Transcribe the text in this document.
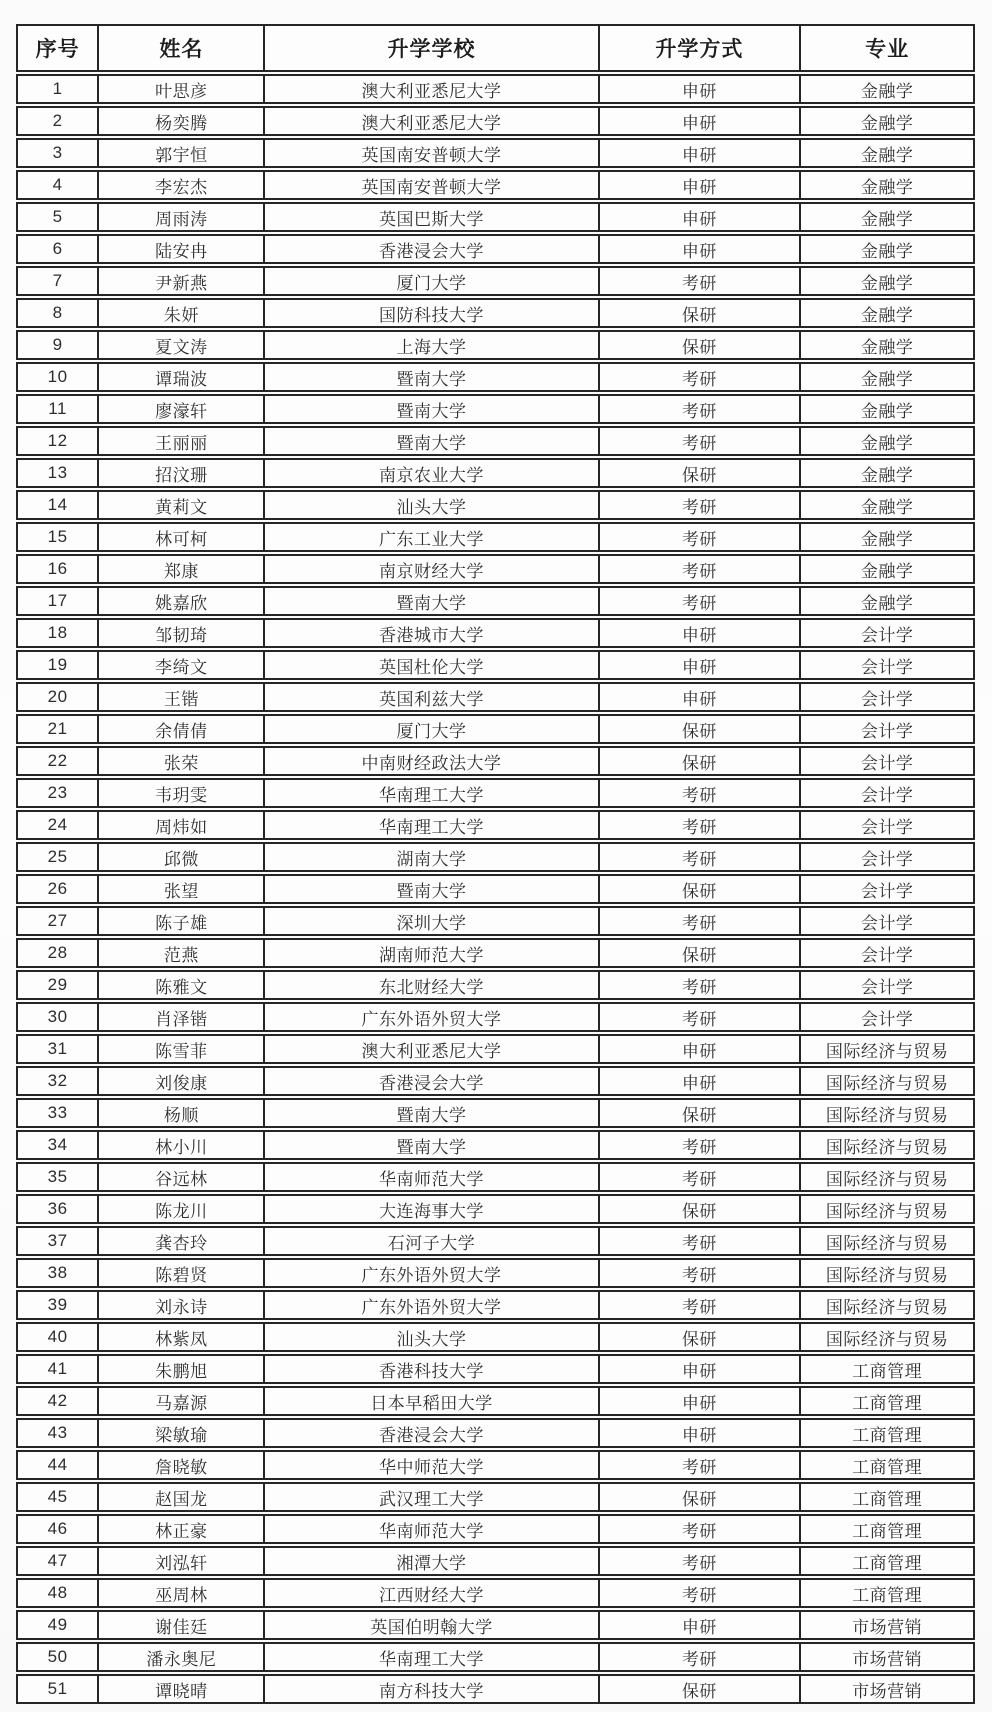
序号	姓名	升学学校	升学方式	专业
1	叶思彦	澳大利亚悉尼大学	申研	金融学
2	杨奕腾	澳大利亚悉尼大学	申研	金融学
3	郭宇恒	英国南安普顿大学	申研	金融学
4	李宏杰	英国南安普顿大学	申研	金融学
5	周雨涛	英国巴斯大学	申研	金融学
6	陆安冉	香港浸会大学	申研	金融学
7	尹新燕	厦门大学	考研	金融学
8	朱妍	国防科技大学	保研	金融学
9	夏文涛	上海大学	保研	金融学
10	谭瑞波	暨南大学	考研	金融学
11	廖濠轩	暨南大学	考研	金融学
12	王丽丽	暨南大学	考研	金融学
13	招汶珊	南京农业大学	保研	金融学
14	黄莉文	汕头大学	考研	金融学
15	林可柯	广东工业大学	考研	金融学
16	郑康	南京财经大学	考研	金融学
17	姚嘉欣	暨南大学	考研	金融学
18	邹韧琦	香港城市大学	申研	会计学
19	李绮文	英国杜伦大学	申研	会计学
20	王锴	英国利兹大学	申研	会计学
21	余倩倩	厦门大学	保研	会计学
22	张荣	中南财经政法大学	保研	会计学
23	韦玥雯	华南理工大学	考研	会计学
24	周炜如	华南理工大学	考研	会计学
25	邱微	湖南大学	考研	会计学
26	张望	暨南大学	保研	会计学
27	陈子雄	深圳大学	考研	会计学
28	范燕	湖南师范大学	保研	会计学
29	陈雅文	东北财经大学	考研	会计学
30	肖泽锴	广东外语外贸大学	考研	会计学
31	陈雪菲	澳大利亚悉尼大学	申研	国际经济与贸易
32	刘俊康	香港浸会大学	申研	国际经济与贸易
33	杨顺	暨南大学	保研	国际经济与贸易
34	林小川	暨南大学	考研	国际经济与贸易
35	谷远林	华南师范大学	考研	国际经济与贸易
36	陈龙川	大连海事大学	保研	国际经济与贸易
37	龚杏玲	石河子大学	考研	国际经济与贸易
38	陈碧贤	广东外语外贸大学	考研	国际经济与贸易
39	刘永诗	广东外语外贸大学	考研	国际经济与贸易
40	林紫凤	汕头大学	保研	国际经济与贸易
41	朱鹏旭	香港科技大学	申研	工商管理
42	马嘉源	日本早稻田大学	申研	工商管理
43	梁敏瑜	香港浸会大学	申研	工商管理
44	詹晓敏	华中师范大学	考研	工商管理
45	赵国龙	武汉理工大学	保研	工商管理
46	林正豪	华南师范大学	考研	工商管理
47	刘泓轩	湘潭大学	考研	工商管理
48	巫周林	江西财经大学	考研	工商管理
49	谢佳廷	英国伯明翰大学	申研	市场营销
50	潘永奥尼	华南理工大学	考研	市场营销
51	谭晓晴	南方科技大学	保研	市场营销
